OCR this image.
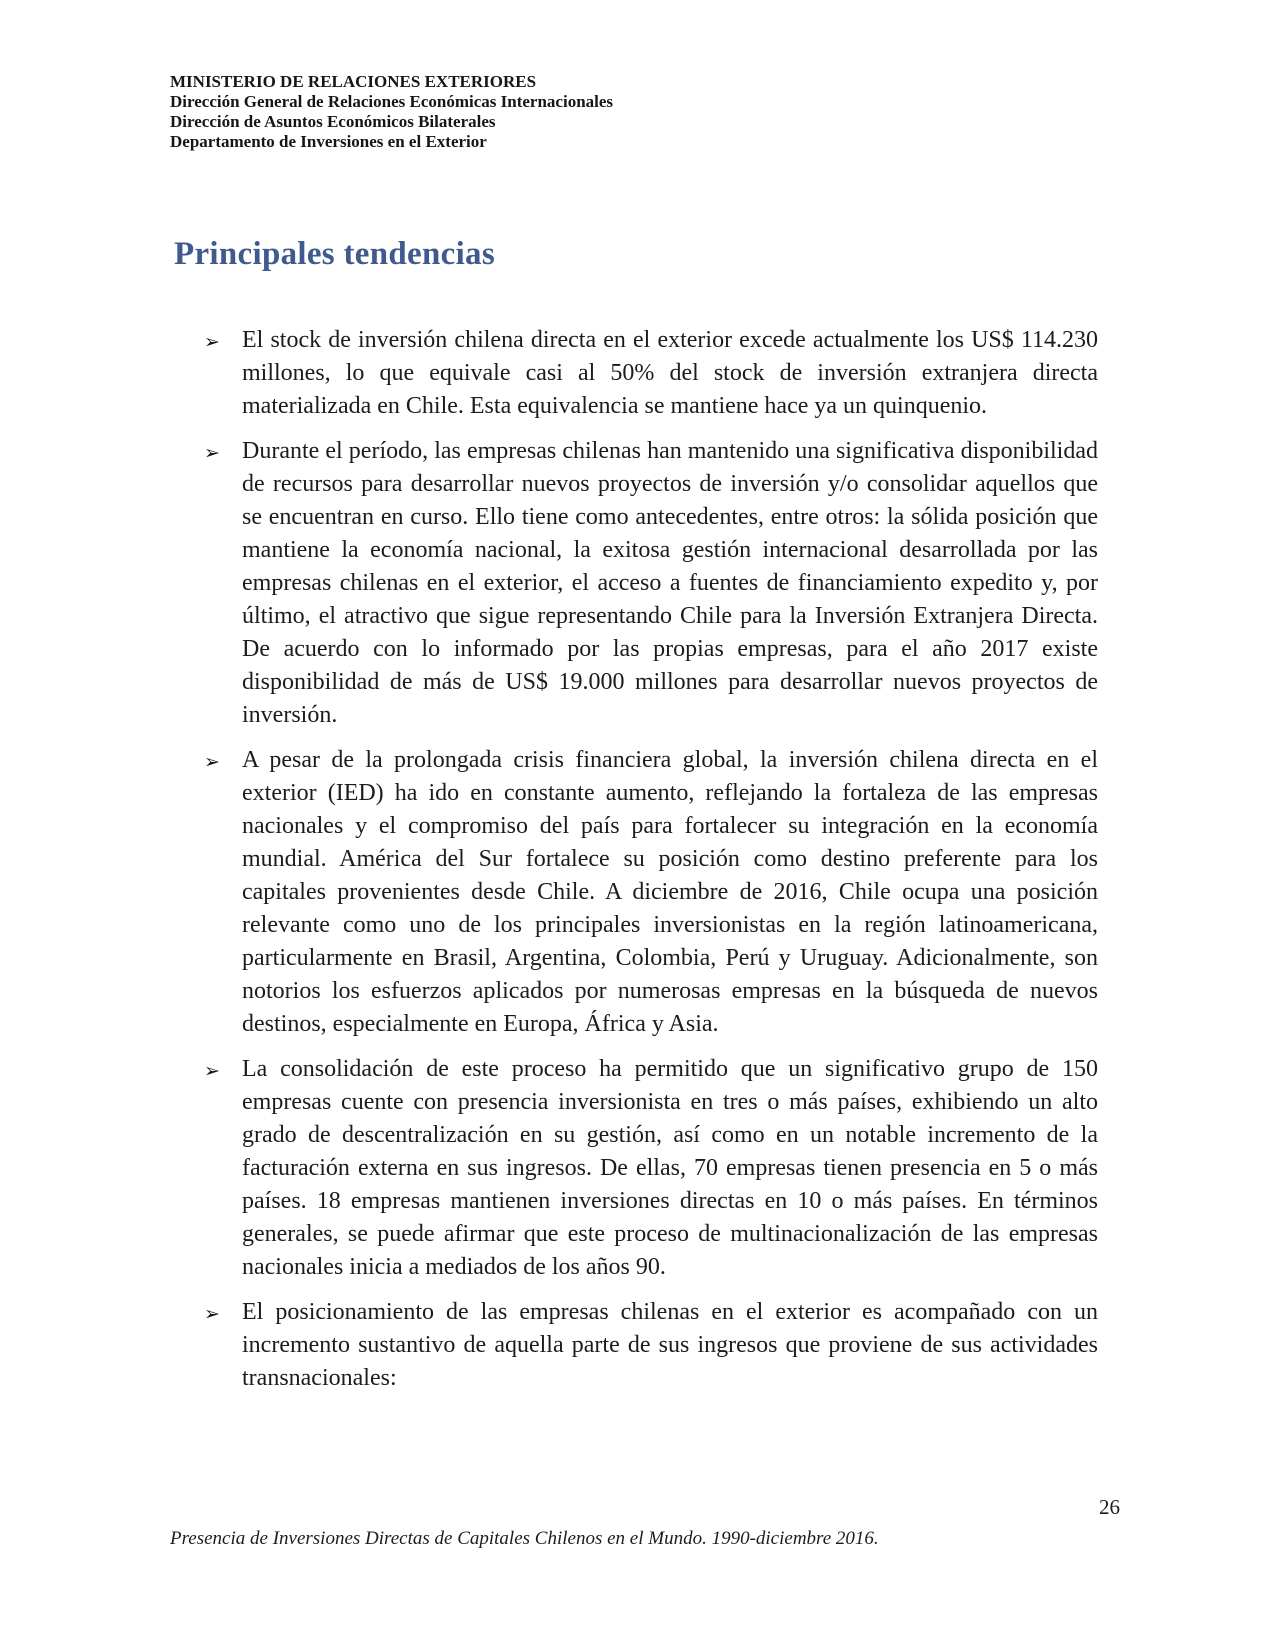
MINISTERIO DE RELACIONES EXTERIORES
Dirección General de Relaciones Económicas Internacionales
Dirección de Asuntos Económicos Bilaterales
Departamento de Inversiones en el Exterior
Principales tendencias
➢ El stock de inversión chilena directa en el exterior excede actualmente los US$ 114.230 millones, lo que equivale casi al 50% del stock de inversión extranjera directa materializada en Chile. Esta equivalencia se mantiene hace ya un quinquenio.
➢ Durante el período, las empresas chilenas han mantenido una significativa disponibilidad de recursos para desarrollar nuevos proyectos de inversión y/o consolidar aquellos que se encuentran en curso. Ello tiene como antecedentes, entre otros: la sólida posición que mantiene la economía nacional, la exitosa gestión internacional desarrollada por las empresas chilenas en el exterior, el acceso a fuentes de financiamiento expedito y, por último, el atractivo que sigue representando Chile para la Inversión Extranjera Directa. De acuerdo con lo informado por las propias empresas, para el año 2017 existe disponibilidad de más de US$ 19.000 millones para desarrollar nuevos proyectos de inversión.
➢ A pesar de la prolongada crisis financiera global, la inversión chilena directa en el exterior (IED) ha ido en constante aumento, reflejando la fortaleza de las empresas nacionales y el compromiso del país para fortalecer su integración en la economía mundial. América del Sur fortalece su posición como destino preferente para los capitales provenientes desde Chile. A diciembre de 2016, Chile ocupa una posición relevante como uno de los principales inversionistas en la región latinoamericana, particularmente en Brasil, Argentina, Colombia, Perú y Uruguay. Adicionalmente, son notorios los esfuerzos aplicados por numerosas empresas en la búsqueda de nuevos destinos, especialmente en Europa, África y Asia.
➢ La consolidación de este proceso ha permitido que un significativo grupo de 150 empresas cuente con presencia inversionista en tres o más países, exhibiendo un alto grado de descentralización en su gestión, así como en un notable incremento de la facturación externa en sus ingresos. De ellas, 70 empresas tienen presencia en 5 o más países. 18 empresas mantienen inversiones directas en 10 o más países. En términos generales, se puede afirmar que este proceso de multinacionalización de las empresas nacionales inicia a mediados de los años 90.
➢ El posicionamiento de las empresas chilenas en el exterior es acompañado con un incremento sustantivo de aquella parte de sus ingresos que proviene de sus actividades transnacionales:
26
Presencia de Inversiones Directas de Capitales Chilenos en el Mundo. 1990-diciembre 2016.
